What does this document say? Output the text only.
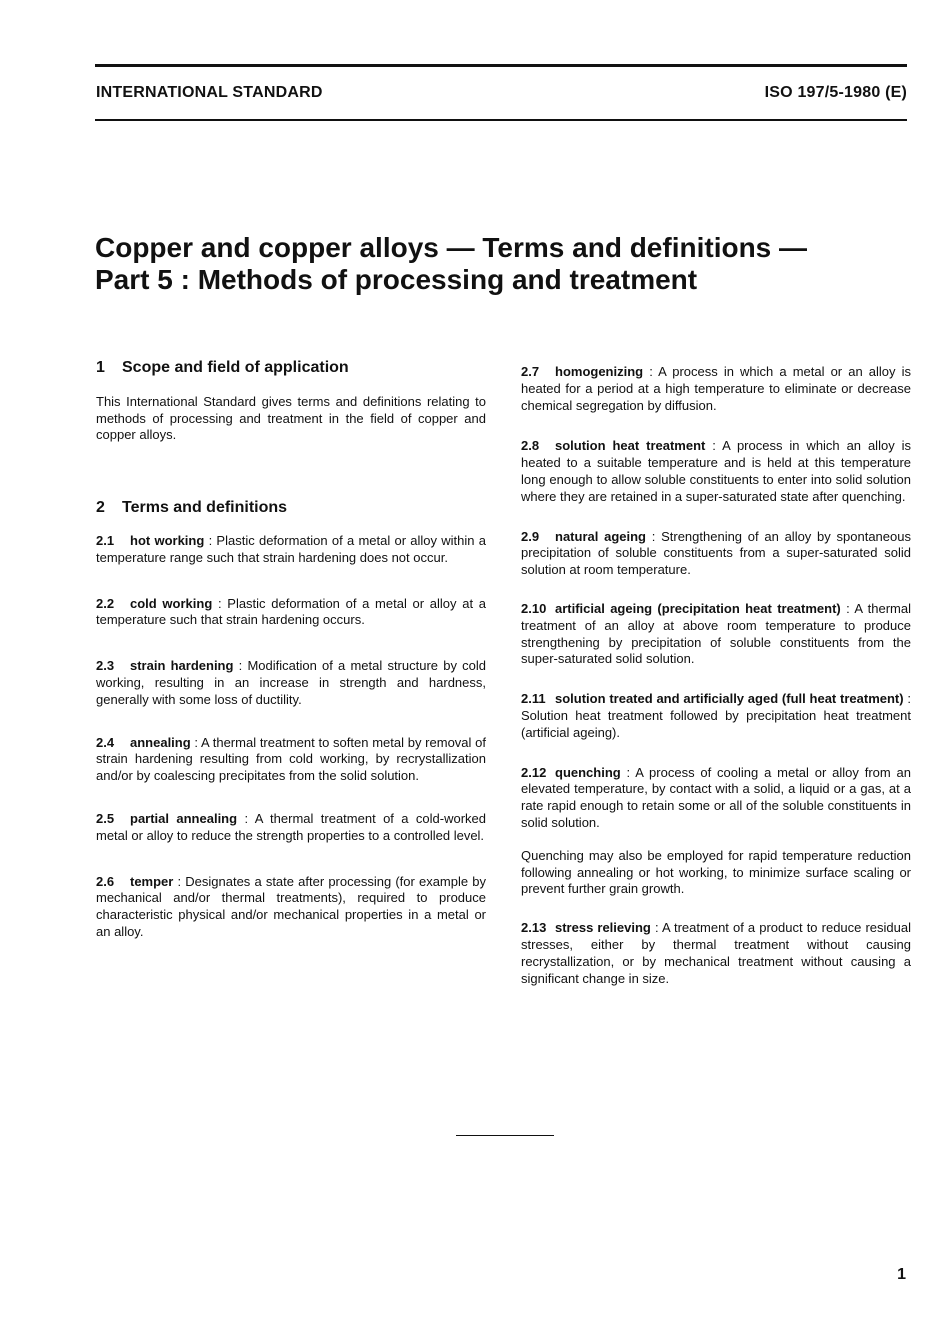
INTERNATIONAL STANDARD	ISO 197/5-1980 (E)
Copper and copper alloys — Terms and definitions —
Part 5 : Methods of processing and treatment
1 Scope and field of application

This International Standard gives terms and definitions relating to methods of processing and treatment in the field of copper and copper alloys.

2 Terms and definitions

2.1 hot working : Plastic deformation of a metal or alloy within a temperature range such that strain hardening does not occur.

2.2 cold working : Plastic deformation of a metal or alloy at a temperature such that strain hardening occurs.

2.3 strain hardening : Modification of a metal structure by cold working, resulting in an increase in strength and hardness, generally with some loss of ductility.

2.4 annealing : A thermal treatment to soften metal by removal of strain hardening resulting from cold working, by recrystallization and/or by coalescing precipitates from the solid solution.

2.5 partial annealing : A thermal treatment of a cold-worked metal or alloy to reduce the strength properties to a controlled level.

2.6 temper : Designates a state after processing (for example by mechanical and/or thermal treatments), required to produce characteristic physical and/or mechanical properties in a metal or an alloy.

2.7 homogenizing : A process in which a metal or an alloy is heated for a period at a high temperature to eliminate or decrease chemical segregation by diffusion.

2.8 solution heat treatment : A process in which an alloy is heated to a suitable temperature and is held at this temperature long enough to allow soluble constituents to enter into solid solution where they are retained in a super-saturated state after quenching.

2.9 natural ageing : Strengthening of an alloy by spontaneous precipitation of soluble constituents from a super-saturated solid solution at room temperature.

2.10 artificial ageing (precipitation heat treatment) : A thermal treatment of an alloy at above room temperature to produce strengthening by precipitation of soluble constituents from the super-saturated solid solution.

2.11 solution treated and artificially aged (full heat treatment) : Solution heat treatment followed by precipitation heat treatment (artificial ageing).

2.12 quenching : A process of cooling a metal or alloy from an elevated temperature, by contact with a solid, a liquid or a gas, at a rate rapid enough to retain some or all of the soluble constituents in solid solution.

Quenching may also be employed for rapid temperature reduction following annealing or hot working, to minimize surface scaling or prevent further grain growth.

2.13 stress relieving : A treatment of a product to reduce residual stresses, either by thermal treatment without causing recrystallization, or by mechanical treatment without causing a significant change in size.

1
